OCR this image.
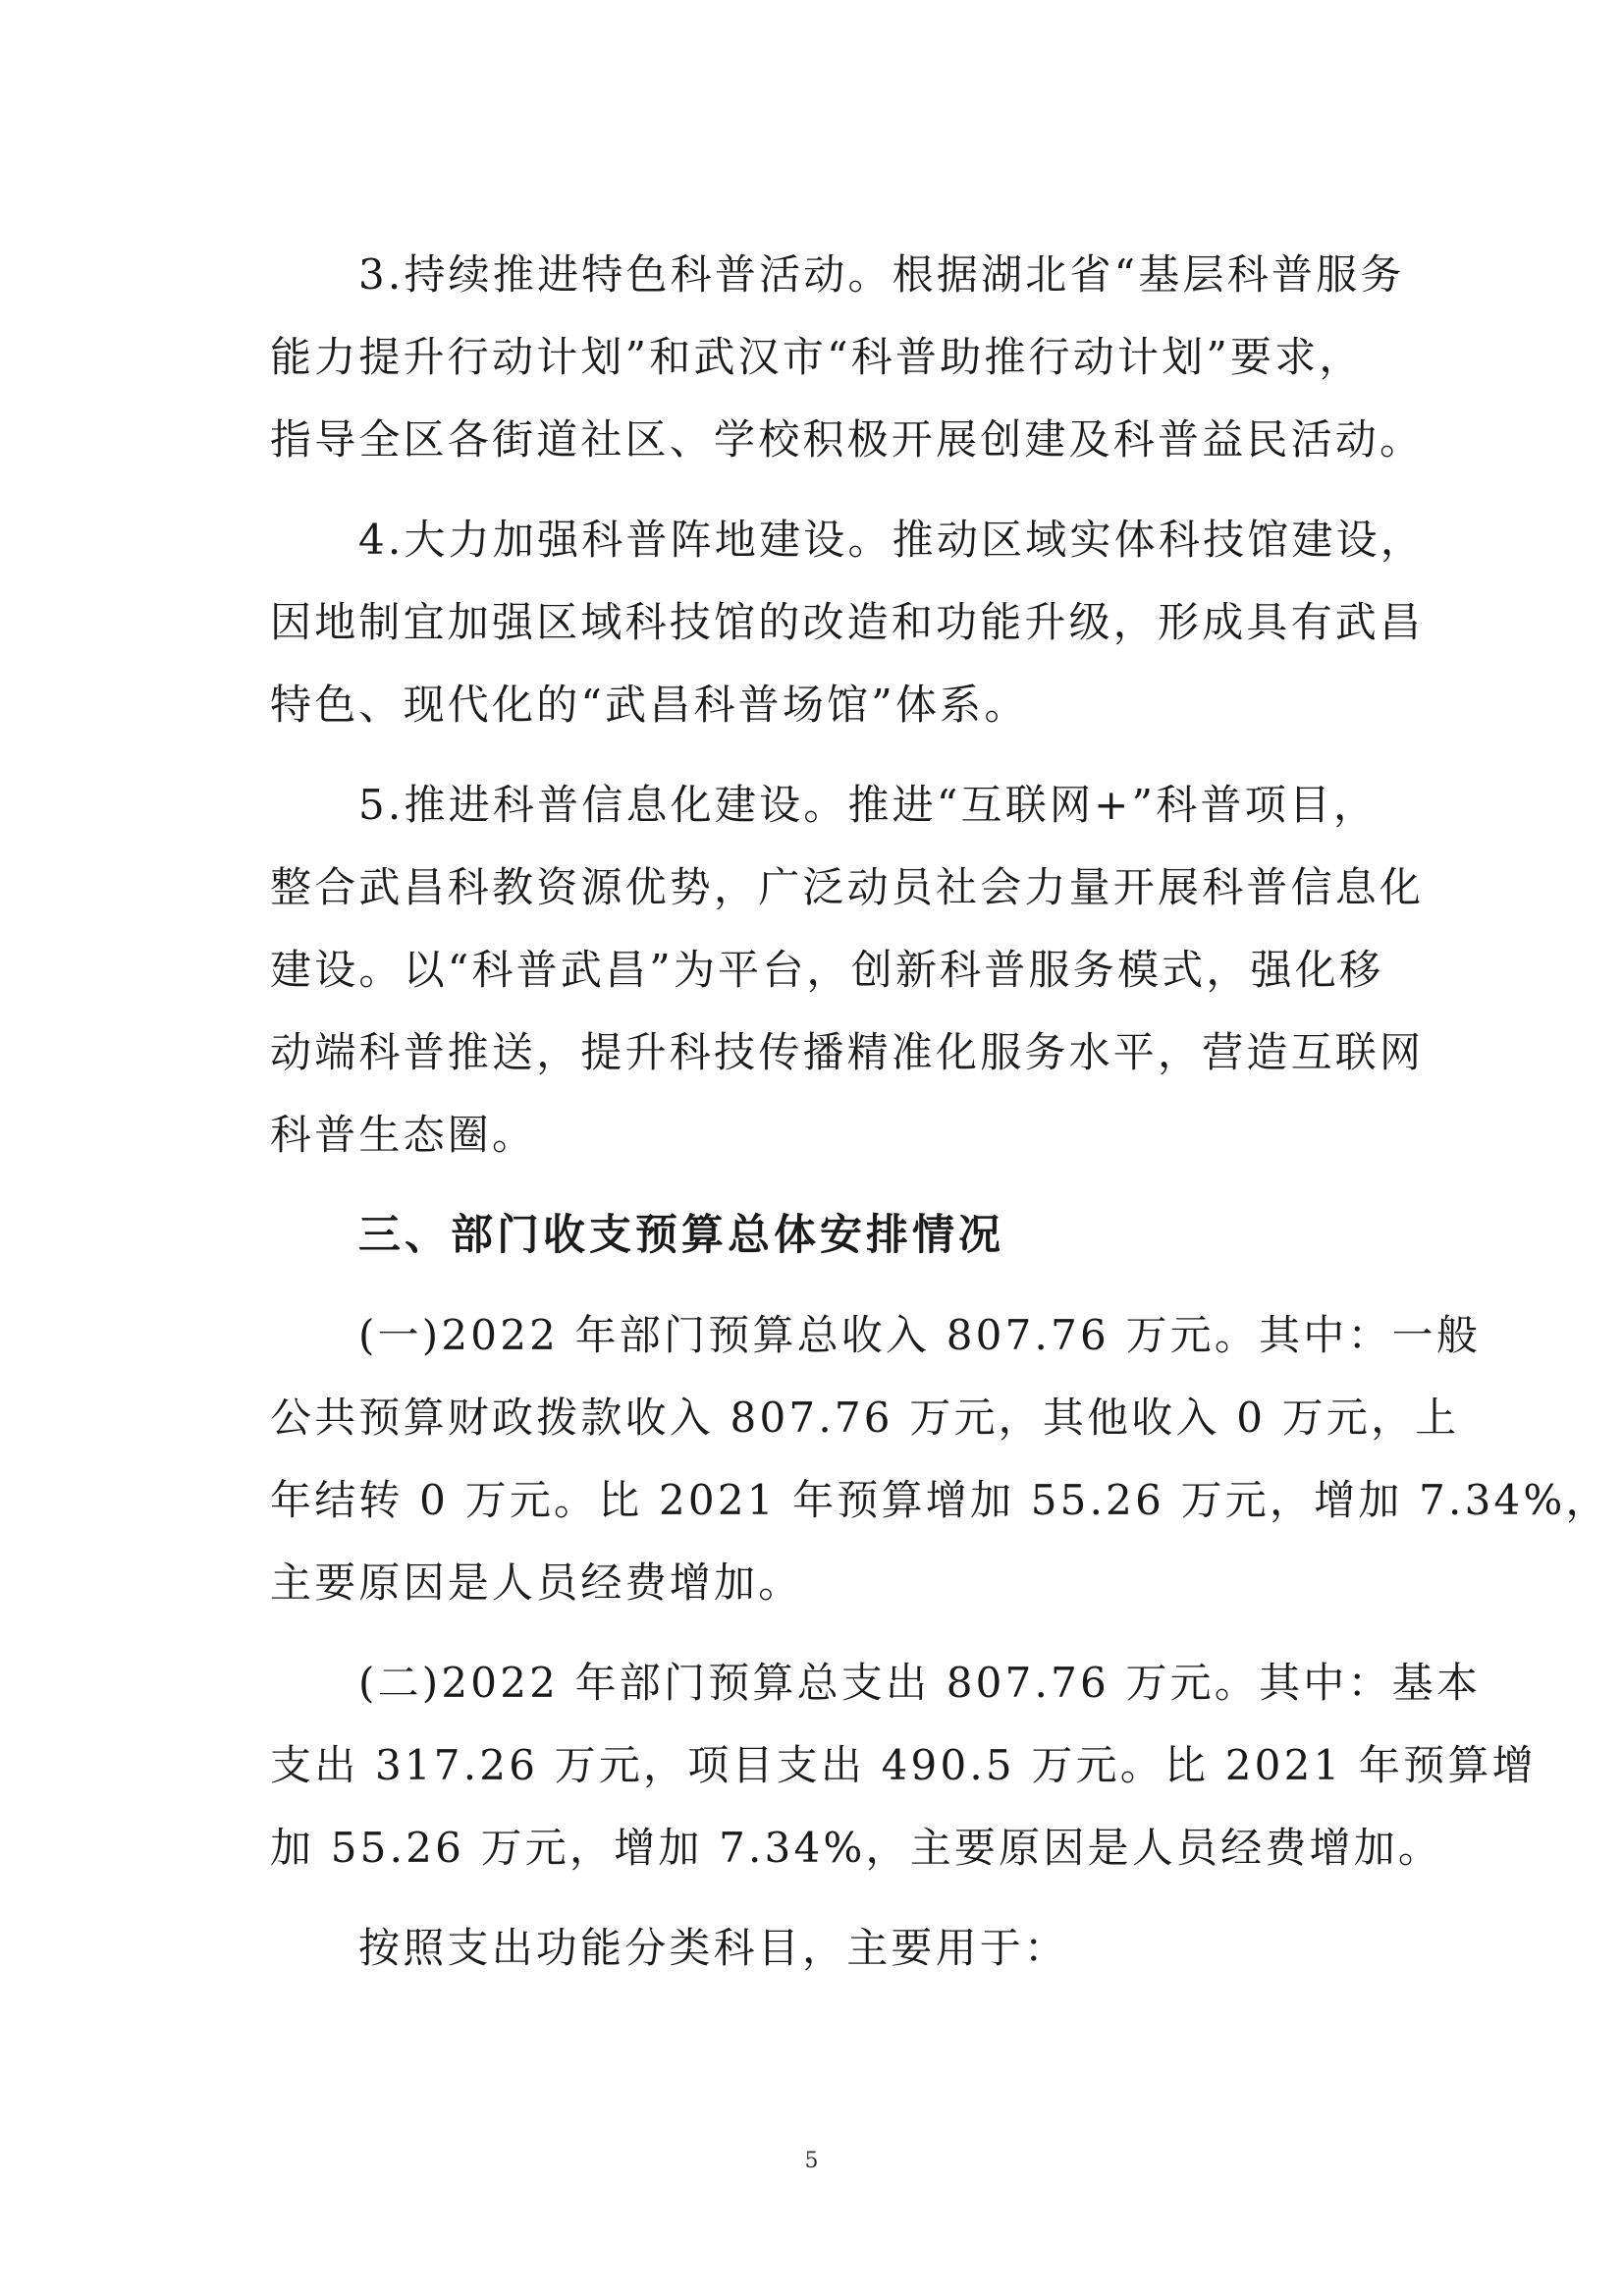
3.持续推进特色科普活动。根据湖北省“基层科普服务
能力提升行动计划”和武汉市“科普助推行动计划”要求，
指导全区各街道社区、学校积极开展创建及科普益民活动。
4.大力加强科普阵地建设。推动区域实体科技馆建设，
因地制宜加强区域科技馆的改造和功能升级，形成具有武昌
特色、现代化的“武昌科普场馆”体系。
5.推进科普信息化建设。推进“互联网+”科普项目，
整合武昌科教资源优势，广泛动员社会力量开展科普信息化
建设。以“科普武昌”为平台，创新科普服务模式，强化移
动端科普推送，提升科技传播精准化服务水平，营造互联网
科普生态圈。
三、部门收支预算总体安排情况
(一)2022 年部门预算总收入 807.76 万元。其中：一般
公共预算财政拨款收入 807.76 万元，其他收入 0 万元，上
年结转 0 万元。比 2021 年预算增加 55.26 万元，增加 7.34%，
主要原因是人员经费增加。
(二)2022 年部门预算总支出 807.76 万元。其中：基本
支出 317.26 万元，项目支出 490.5 万元。比 2021 年预算增
加 55.26 万元，增加 7.34%，主要原因是人员经费增加。
按照支出功能分类科目，主要用于：
5
